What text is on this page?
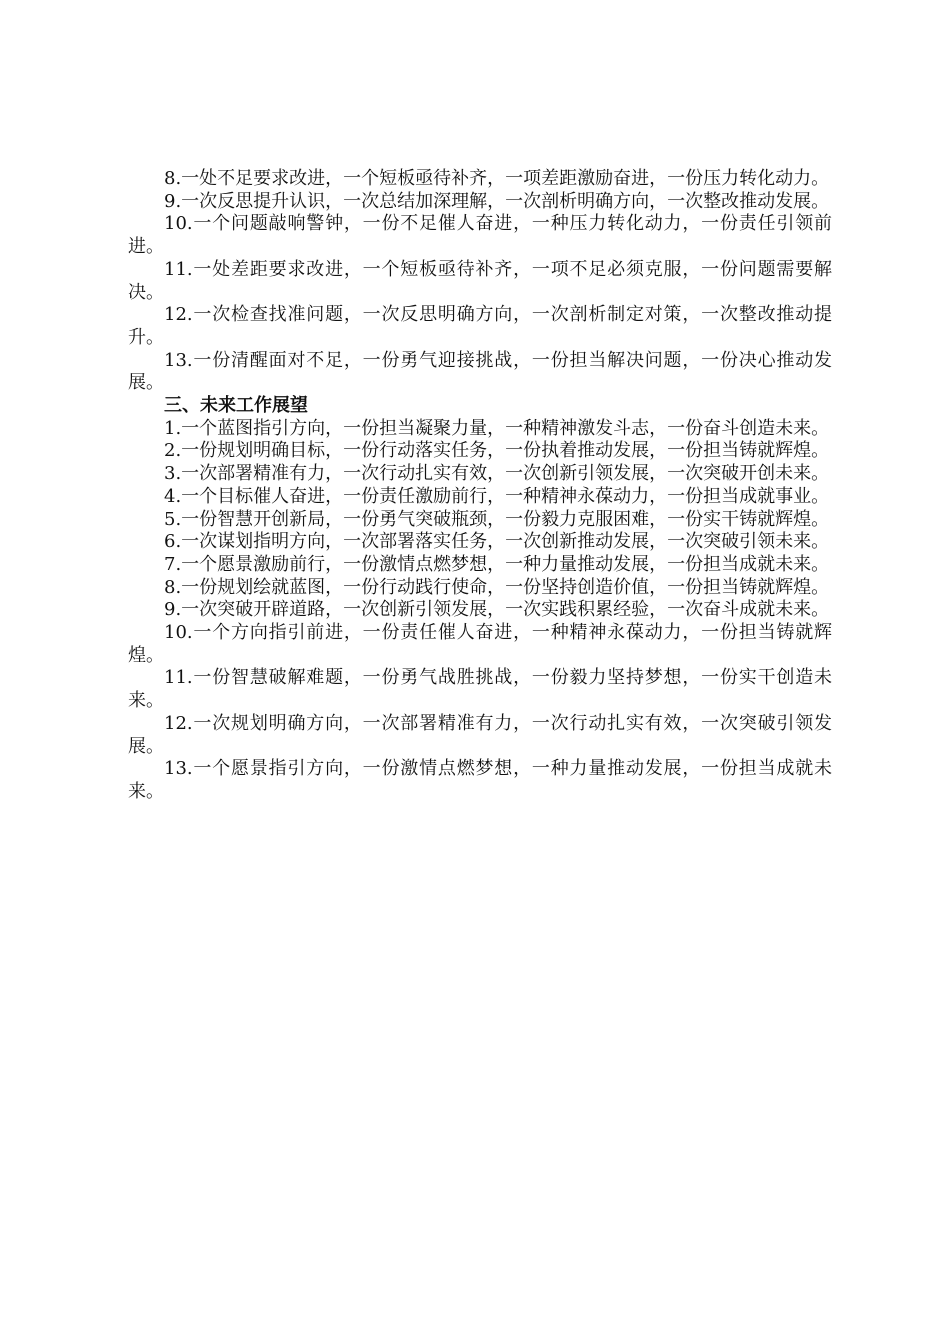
8.一处不足要求改进，一个短板亟待补齐，一项差距激励奋进，一份压力转化动力。

9.一次反思提升认识，一次总结加深理解，一次剖析明确方向，一次整改推动发展。

10.一个问题敲响警钟，一份不足催人奋进，一种压力转化动力，一份责任引领前进。

11.一处差距要求改进，一个短板亟待补齐，一项不足必须克服，一份问题需要解决。

12.一次检查找准问题，一次反思明确方向，一次剖析制定对策，一次整改推动提升。

13.一份清醒面对不足，一份勇气迎接挑战，一份担当解决问题，一份决心推动发展。

三、未来工作展望

1.一个蓝图指引方向，一份担当凝聚力量，一种精神激发斗志，一份奋斗创造未来。

2.一份规划明确目标，一份行动落实任务，一份执着推动发展，一份担当铸就辉煌。

3.一次部署精准有力，一次行动扎实有效，一次创新引领发展，一次突破开创未来。

4.一个目标催人奋进，一份责任激励前行，一种精神永葆动力，一份担当成就事业。

5.一份智慧开创新局，一份勇气突破瓶颈，一份毅力克服困难，一份实干铸就辉煌。

6.一次谋划指明方向，一次部署落实任务，一次创新推动发展，一次突破引领未来。

7.一个愿景激励前行，一份激情点燃梦想，一种力量推动发展，一份担当成就未来。

8.一份规划绘就蓝图，一份行动践行使命，一份坚持创造价值，一份担当铸就辉煌。

9.一次突破开辟道路，一次创新引领发展，一次实践积累经验，一次奋斗成就未来。

10.一个方向指引前进，一份责任催人奋进，一种精神永葆动力，一份担当铸就辉煌。

11.一份智慧破解难题，一份勇气战胜挑战，一份毅力坚持梦想，一份实干创造未来。

12.一次规划明确方向，一次部署精准有力，一次行动扎实有效，一次突破引领发展。

13.一个愿景指引方向，一份激情点燃梦想，一种力量推动发展，一份担当成就未来。
